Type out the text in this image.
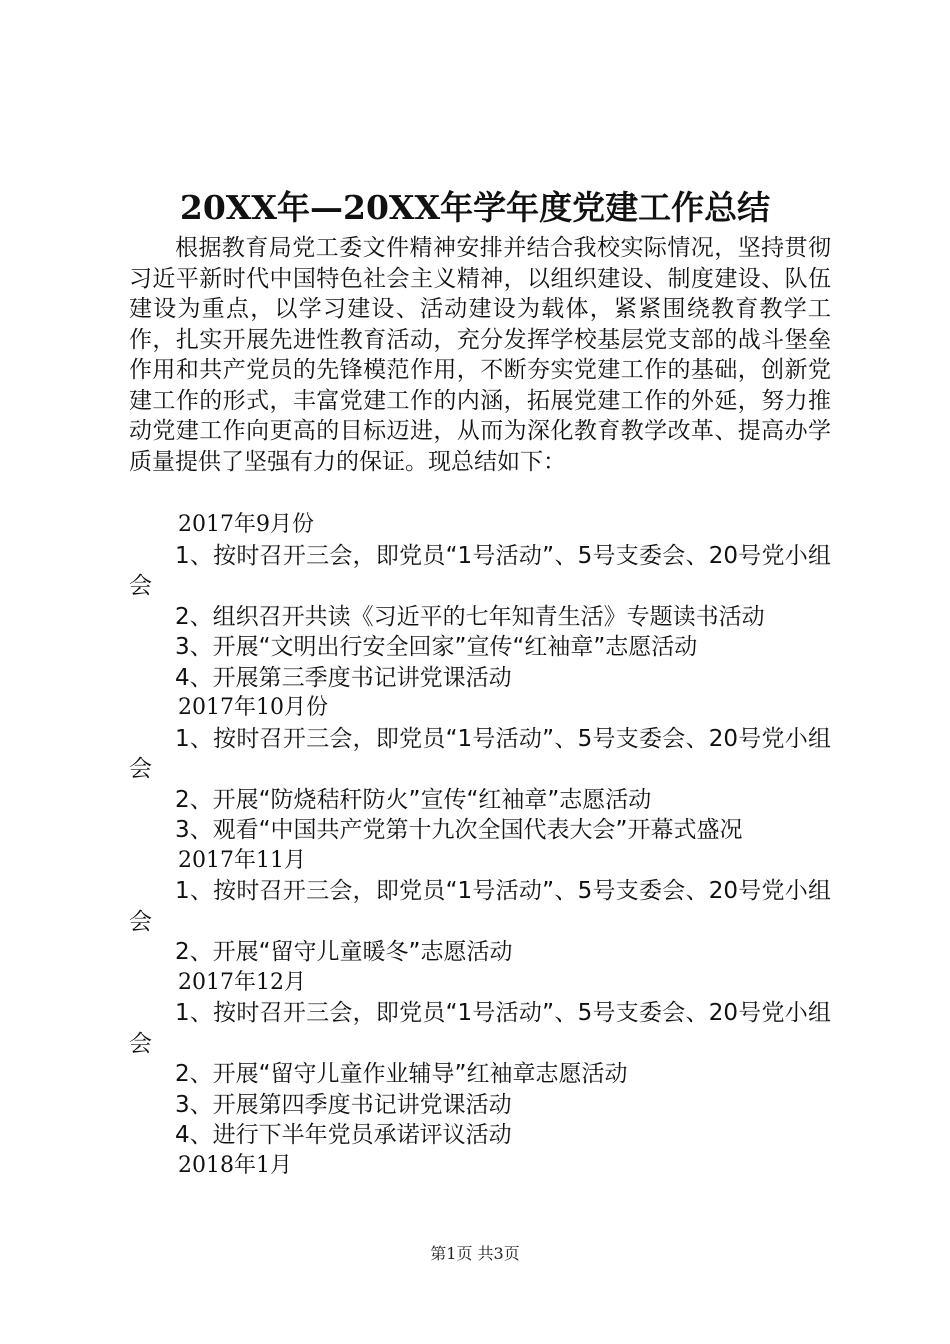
20XX年—20XX年学年度党建工作总结
根据教育局党工委文件精神安排并结合我校实际情况，坚持贯彻习近平新时代中国特色社会主义精神，以组织建设、制度建设、队伍建设为重点，以学习建设、活动建设为载体，紧紧围绕教育教学工作，扎实开展先进性教育活动，充分发挥学校基层党支部的战斗堡垒作用和共产党员的先锋模范作用，不断夯实党建工作的基础，创新党建工作的形式，丰富党建工作的内涵，拓展党建工作的外延，努力推动党建工作向更高的目标迈进，从而为深化教育教学改革、提高办学质量提供了坚强有力的保证。现总结如下：
2017年9月份
1、按时召开三会，即党员“1号活动”、5号支委会、20号党小组会
2、组织召开共读《习近平的七年知青生活》专题读书活动
3、开展“文明出行安全回家”宣传“红袖章”志愿活动
4、开展第三季度书记讲党课活动
2017年10月份
1、按时召开三会，即党员“1号活动”、5号支委会、20号党小组会
2、开展“防烧秸秆防火”宣传“红袖章”志愿活动
3、观看“中国共产党第十九次全国代表大会”开幕式盛况
2017年11月
1、按时召开三会，即党员“1号活动”、5号支委会、20号党小组会
2、开展“留守儿童暖冬”志愿活动
2017年12月
1、按时召开三会，即党员“1号活动”、5号支委会、20号党小组会
2、开展“留守儿童作业辅导”红袖章志愿活动
3、开展第四季度书记讲党课活动
4、进行下半年党员承诺评议活动
2018年1月
第1页 共3页
